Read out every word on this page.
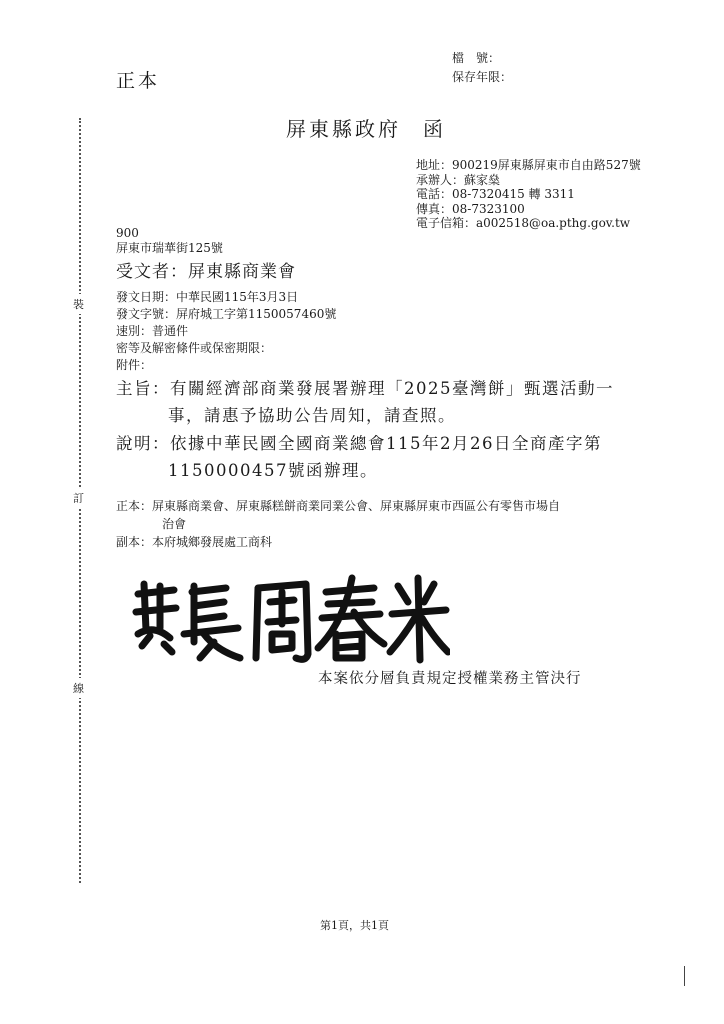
正本
檔　號：
保存年限：
屏東縣政府 函
地址：900219屏東縣屏東市自由路527號
承辦人：蘇家燊
電話：08-7320415 轉 3311
傳真：08-7323100
電子信箱：a002518@oa.pthg.gov.tw
900
屏東市瑞華街125號
受文者：屏東縣商業會
發文日期：中華民國115年3月3日
發文字號：屏府城工字第1150057460號
速別：普通件
密等及解密條件或保密期限：
附件：
主旨：有關經濟部商業發展署辦理「2025臺灣餅」甄選活動一
事，請惠予協助公告周知，請查照。
說明：依據中華民國全國商業總會115年2月26日全商產字第
1150000457號函辦理。
正本：屏東縣商業會、屏東縣糕餅商業同業公會、屏東縣屏東市西區公有零售市場自
治會
副本：本府城鄉發展處工商科
本案依分層負責規定授權業務主管決行
第1頁，共1頁
裝
訂
線
